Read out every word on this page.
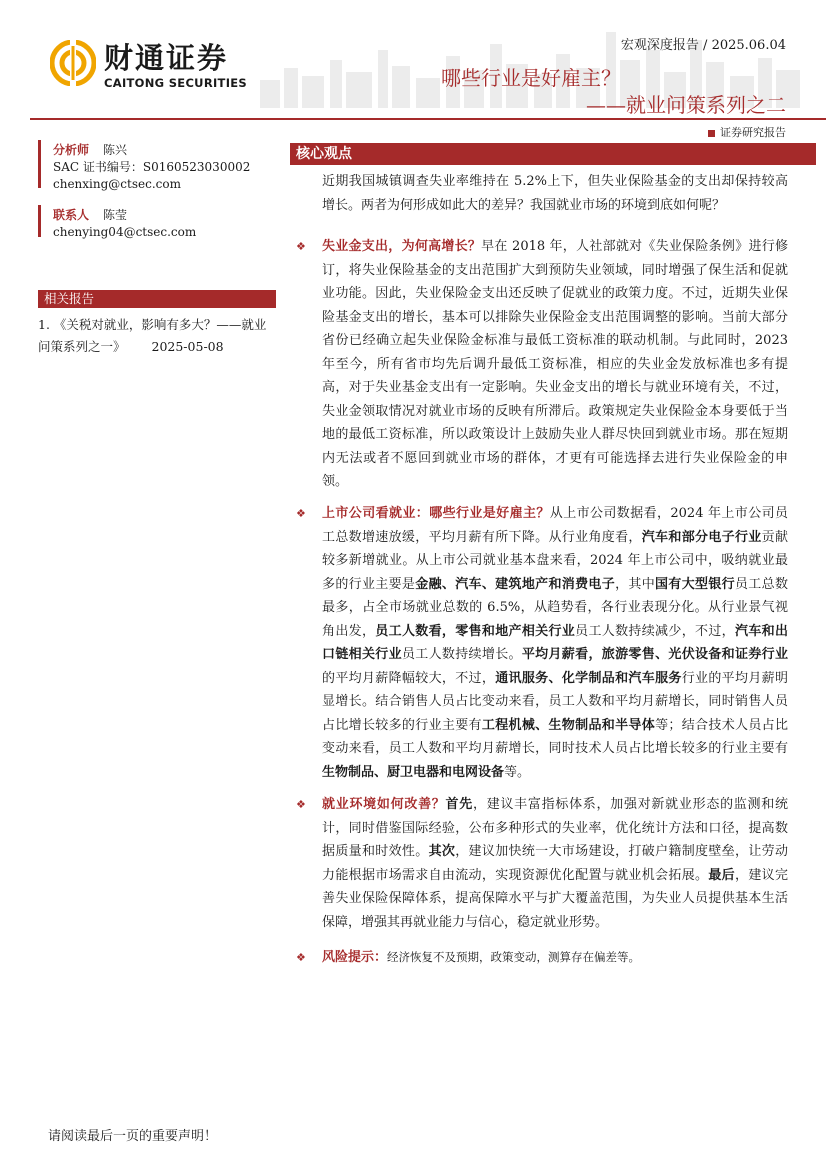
财通证券
CAITONG SECURITIES
宏观深度报告 / 2025.06.04
哪些行业是好雇主？
——就业问策系列之二
证券研究报告
分析师 陈兴
SAC 证书编号：S0160523030002
chenxing@ctsec.com
联系人 陈莹
chenying04@ctsec.com
相关报告
1. 《关税对就业，影响有多大？——就业问策系列之一》 2025-05-08
核心观点
近期我国城镇调查失业率维持在 5.2%上下，但失业保险基金的支出却保持较高增长。两者为何形成如此大的差异？我国就业市场的环境到底如何呢？
❖ 失业金支出，为何高增长？早在 2018 年，人社部就对《失业保险条例》进行修订，将失业保险基金的支出范围扩大到预防失业领域，同时增强了保生活和促就业功能。因此，失业保险金支出还反映了促就业的政策力度。不过，近期失业保险基金支出的增长，基本可以排除失业保险金支出范围调整的影响。当前大部分省份已经确立起失业保险金标准与最低工资标准的联动机制。与此同时，2023 年至今，所有省市均先后调升最低工资标准，相应的失业金发放标准也多有提高，对于失业基金支出有一定影响。失业金支出的增长与就业环境有关，不过，失业金领取情况对就业市场的反映有所滞后。政策规定失业保险金本身要低于当地的最低工资标准，所以政策设计上鼓励失业人群尽快回到就业市场。那在短期内无法或者不愿回到就业市场的群体，才更有可能选择去进行失业保险金的申领。
❖ 上市公司看就业：哪些行业是好雇主？从上市公司数据看，2024 年上市公司员工总数增速放缓，平均月薪有所下降。从行业角度看，汽车和部分电子行业贡献较多新增就业。从上市公司就业基本盘来看，2024 年上市公司中，吸纳就业最多的行业主要是金融、汽车、建筑地产和消费电子，其中国有大型银行员工总数最多，占全市场就业总数的 6.5%，从趋势看，各行业表现分化。从行业景气视角出发，员工人数看，零售和地产相关行业员工人数持续减少，不过，汽车和出口链相关行业员工人数持续增长。平均月薪看，旅游零售、光伏设备和证券行业的平均月薪降幅较大，不过，通讯服务、化学制品和汽车服务行业的平均月薪明显增长。结合销售人员占比变动来看，员工人数和平均月薪增长，同时销售人员占比增长较多的行业主要有工程机械、生物制品和半导体等；结合技术人员占比变动来看，员工人数和平均月薪增长，同时技术人员占比增长较多的行业主要有生物制品、厨卫电器和电网设备等。
❖ 就业环境如何改善？首先，建议丰富指标体系，加强对新就业形态的监测和统计，同时借鉴国际经验，公布多种形式的失业率，优化统计方法和口径，提高数据质量和时效性。其次，建议加快统一大市场建设，打破户籍制度壁垒，让劳动力能根据市场需求自由流动，实现资源优化配置与就业机会拓展。最后，建议完善失业保险保障体系，提高保障水平与扩大覆盖范围，为失业人员提供基本生活保障，增强其再就业能力与信心，稳定就业形势。
❖ 风险提示：经济恢复不及预期，政策变动，测算存在偏差等。
请阅读最后一页的重要声明！
